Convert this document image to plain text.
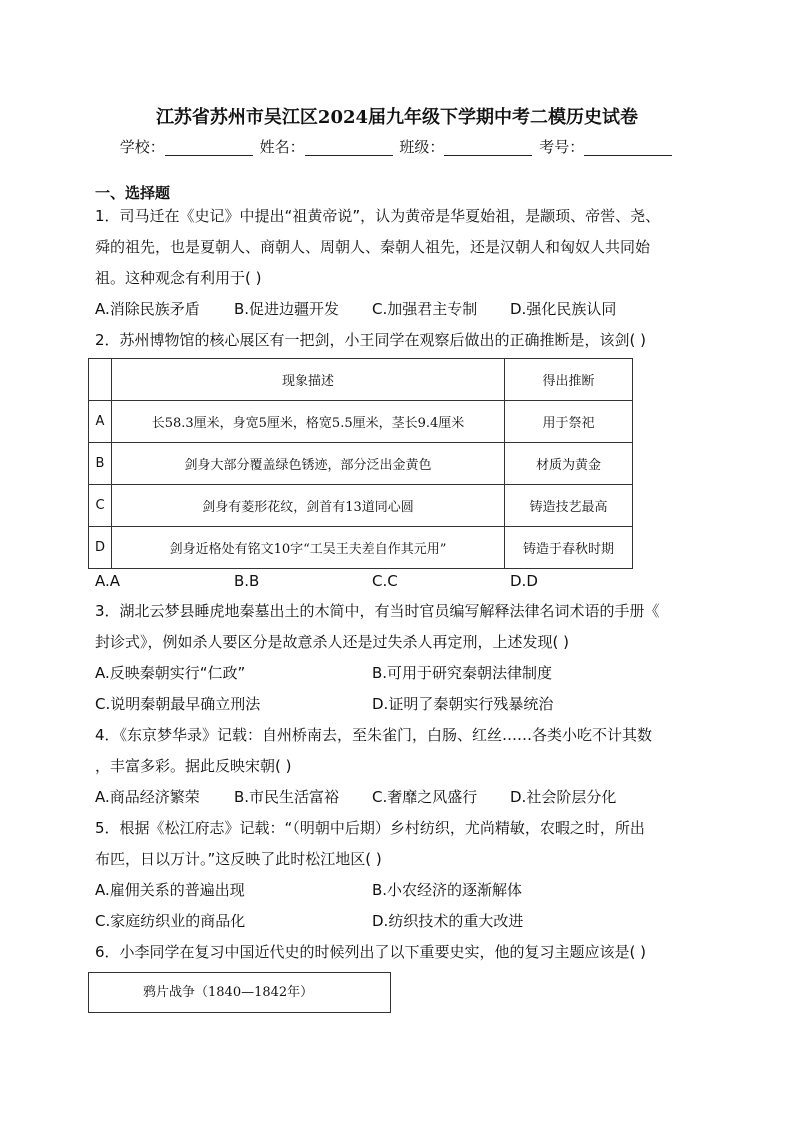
江苏省苏州市吴江区2024届九年级下学期中考二模历史试卷
学校：	姓名：	班级：	考号：
一、选择题
1．司马迁在《史记》中提出“祖黄帝说”，认为黄帝是华夏始祖，是颛顼、帝喾、尧、
舜的祖先，也是夏朝人、商朝人、周朝人、秦朝人祖先，还是汉朝人和匈奴人共同始
祖。这种观念有利用于( )
A.消除民族矛盾 B.促进边疆开发 C.加强君主专制 D.强化民族认同
2．苏州博物馆的核心展区有一把剑，小王同学在观察后做出的正确推断是，该剑( )
	现象描述	得出推断
A	长58.3厘米，身宽5厘米，格宽5.5厘米，茎长9.4厘米	用于祭祀
B	剑身大部分覆盖绿色锈迹，部分泛出金黄色	材质为黄金
C	剑身有菱形花纹，剑首有13道同心圆	铸造技艺最高
D	剑身近格处有铭文10字“工吴王夫差自作其元用”	铸造于春秋时期
A.A	B.B	C.C	D.D
3．湖北云梦县睡虎地秦墓出土的木简中，有当时官员编写解释法律名词术语的手册《
封诊式》，例如杀人要区分是故意杀人还是过失杀人再定刑，上述发现( )
A.反映秦朝实行“仁政”	B.可用于研究秦朝法律制度
C.说明秦朝最早确立刑法	D.证明了秦朝实行残暴统治
4．《东京梦华录》记载：自州桥南去，至朱雀门，白肠、红丝……各类小吃不计其数
，丰富多彩。据此反映宋朝( )
A.商品经济繁荣 B.市民生活富裕 C.奢靡之风盛行 D.社会阶层分化
5．根据《松江府志》记载：“（明朝中后期）乡村纺织，尤尚精敏，农暇之时，所出
布匹，日以万计。”这反映了此时松江地区( )
A.雇佣关系的普遍出现	B.小农经济的逐渐解体
C.家庭纺织业的商品化	D.纺织技术的重大改进
6．小李同学在复习中国近代史的时候列出了以下重要史实，他的复习主题应该是( )
鸦片战争（1840—1842年）
